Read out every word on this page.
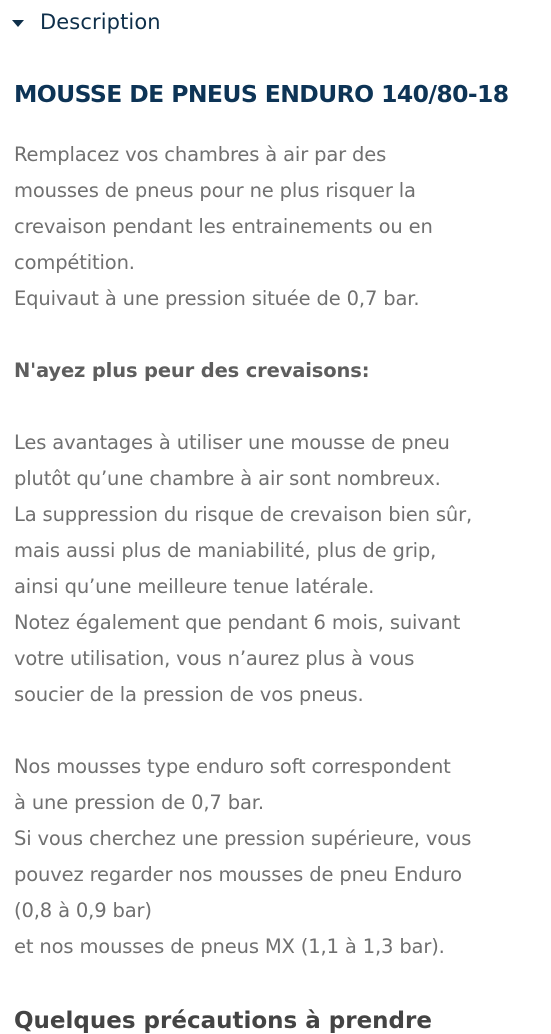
Description
MOUSSE DE PNEUS ENDURO 140/80-18

Remplacez vos chambres à air par des
mousses de pneus pour ne plus risquer la
crevaison pendant les entrainements ou en
compétition.
Equivaut à une pression située de 0,7 bar.

N'ayez plus peur des crevaisons:

Les avantages à utiliser une mousse de pneu
plutôt qu’une chambre à air sont nombreux.
La suppression du risque de crevaison bien sûr,
mais aussi plus de maniabilité, plus de grip,
ainsi qu’une meilleure tenue latérale.
Notez également que pendant 6 mois, suivant
votre utilisation, vous n’aurez plus à vous
soucier de la pression de vos pneus.

Nos mousses type enduro soft correspondent
à une pression de 0,7 bar.
Si vous cherchez une pression supérieure, vous
pouvez regarder nos mousses de pneu Enduro
(0,8 à 0,9 bar)
et nos mousses de pneus MX (1,1 à 1,3 bar).

Quelques précautions à prendre
